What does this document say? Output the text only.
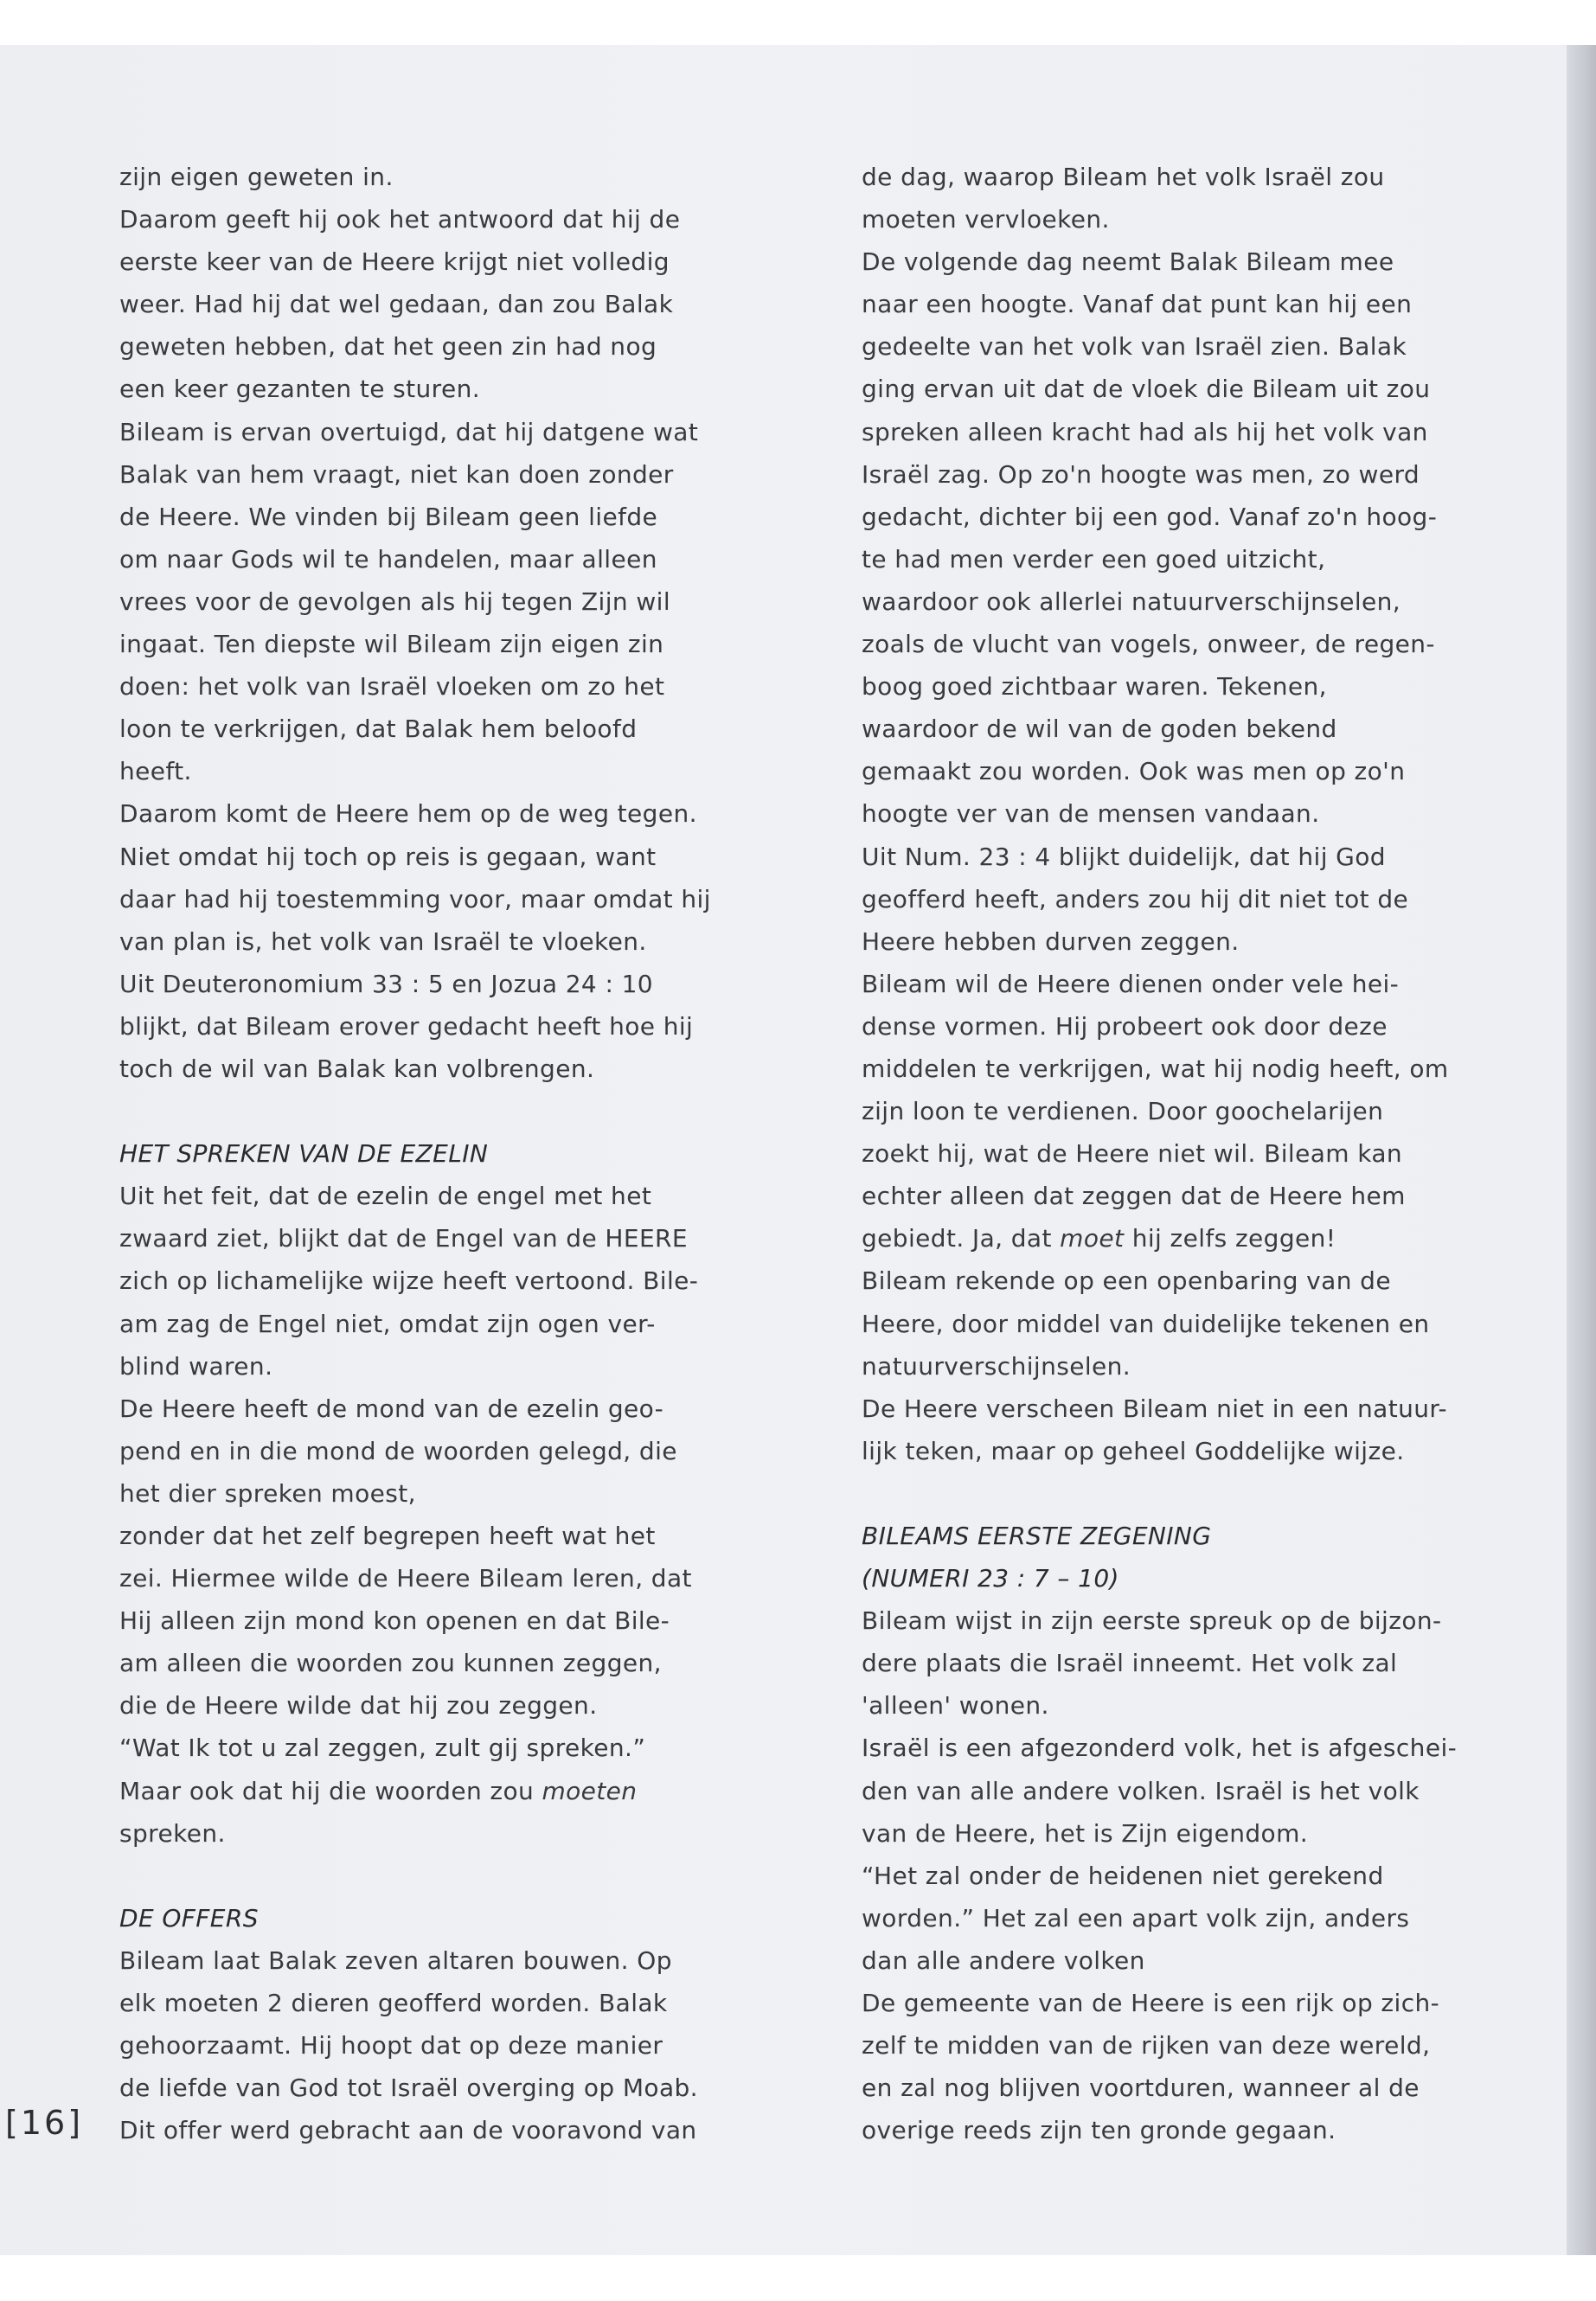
[16]
zijn eigen geweten in.
Daarom geeft hij ook het antwoord dat hij de
eerste keer van de Heere krijgt niet volledig
weer. Had hij dat wel gedaan, dan zou Balak
geweten hebben, dat het geen zin had nog
een keer gezanten te sturen.
Bileam is ervan overtuigd, dat hij datgene wat
Balak van hem vraagt, niet kan doen zonder
de Heere. We vinden bij Bileam geen liefde
om naar Gods wil te handelen, maar alleen
vrees voor de gevolgen als hij tegen Zijn wil
ingaat. Ten diepste wil Bileam zijn eigen zin
doen: het volk van Israël vloeken om zo het
loon te verkrijgen, dat Balak hem beloofd
heeft.
Daarom komt de Heere hem op de weg tegen.
Niet omdat hij toch op reis is gegaan, want
daar had hij toestemming voor, maar omdat hij
van plan is, het volk van Israël te vloeken.
Uit Deuteronomium 33 : 5 en Jozua 24 : 10
blijkt, dat Bileam erover gedacht heeft hoe hij
toch de wil van Balak kan volbrengen.
HET SPREKEN VAN DE EZELIN
Uit het feit, dat de ezelin de engel met het
zwaard ziet, blijkt dat de Engel van de HEERE
zich op lichamelijke wijze heeft vertoond. Bile-
am zag de Engel niet, omdat zijn ogen ver-
blind waren.
De Heere heeft de mond van de ezelin geo-
pend en in die mond de woorden gelegd, die
het dier spreken moest,
zonder dat het zelf begrepen heeft wat het
zei. Hiermee wilde de Heere Bileam leren, dat
Hij alleen zijn mond kon openen en dat Bile-
am alleen die woorden zou kunnen zeggen,
die de Heere wilde dat hij zou zeggen.
“Wat Ik tot u zal zeggen, zult gij spreken.”
Maar ook dat hij die woorden zou moeten
spreken.
DE OFFERS
Bileam laat Balak zeven altaren bouwen. Op
elk moeten 2 dieren geofferd worden. Balak
gehoorzaamt. Hij hoopt dat op deze manier
de liefde van God tot Israël overging op Moab.
Dit offer werd gebracht aan de vooravond van
de dag, waarop Bileam het volk Israël zou
moeten vervloeken.
De volgende dag neemt Balak Bileam mee
naar een hoogte. Vanaf dat punt kan hij een
gedeelte van het volk van Israël zien. Balak
ging ervan uit dat de vloek die Bileam uit zou
spreken alleen kracht had als hij het volk van
Israël zag. Op zo'n hoogte was men, zo werd
gedacht, dichter bij een god. Vanaf zo'n hoog-
te had men verder een goed uitzicht,
waardoor ook allerlei natuurverschijnselen,
zoals de vlucht van vogels, onweer, de regen-
boog goed zichtbaar waren. Tekenen,
waardoor de wil van de goden bekend
gemaakt zou worden. Ook was men op zo'n
hoogte ver van de mensen vandaan.
Uit Num. 23 : 4 blijkt duidelijk, dat hij God
geofferd heeft, anders zou hij dit niet tot de
Heere hebben durven zeggen.
Bileam wil de Heere dienen onder vele hei-
dense vormen. Hij probeert ook door deze
middelen te verkrijgen, wat hij nodig heeft, om
zijn loon te verdienen. Door goochelarijen
zoekt hij, wat de Heere niet wil. Bileam kan
echter alleen dat zeggen dat de Heere hem
gebiedt. Ja, dat moet hij zelfs zeggen!
Bileam rekende op een openbaring van de
Heere, door middel van duidelijke tekenen en
natuurverschijnselen.
De Heere verscheen Bileam niet in een natuur-
lijk teken, maar op geheel Goddelijke wijze.
BILEAMS EERSTE ZEGENING
(NUMERI 23 : 7 – 10)
Bileam wijst in zijn eerste spreuk op de bijzon-
dere plaats die Israël inneemt. Het volk zal
'alleen' wonen.
Israël is een afgezonderd volk, het is afgeschei-
den van alle andere volken. Israël is het volk
van de Heere, het is Zijn eigendom.
“Het zal onder de heidenen niet gerekend
worden.” Het zal een apart volk zijn, anders
dan alle andere volken
De gemeente van de Heere is een rijk op zich-
zelf te midden van de rijken van deze wereld,
en zal nog blijven voortduren, wanneer al de
overige reeds zijn ten gronde gegaan.
